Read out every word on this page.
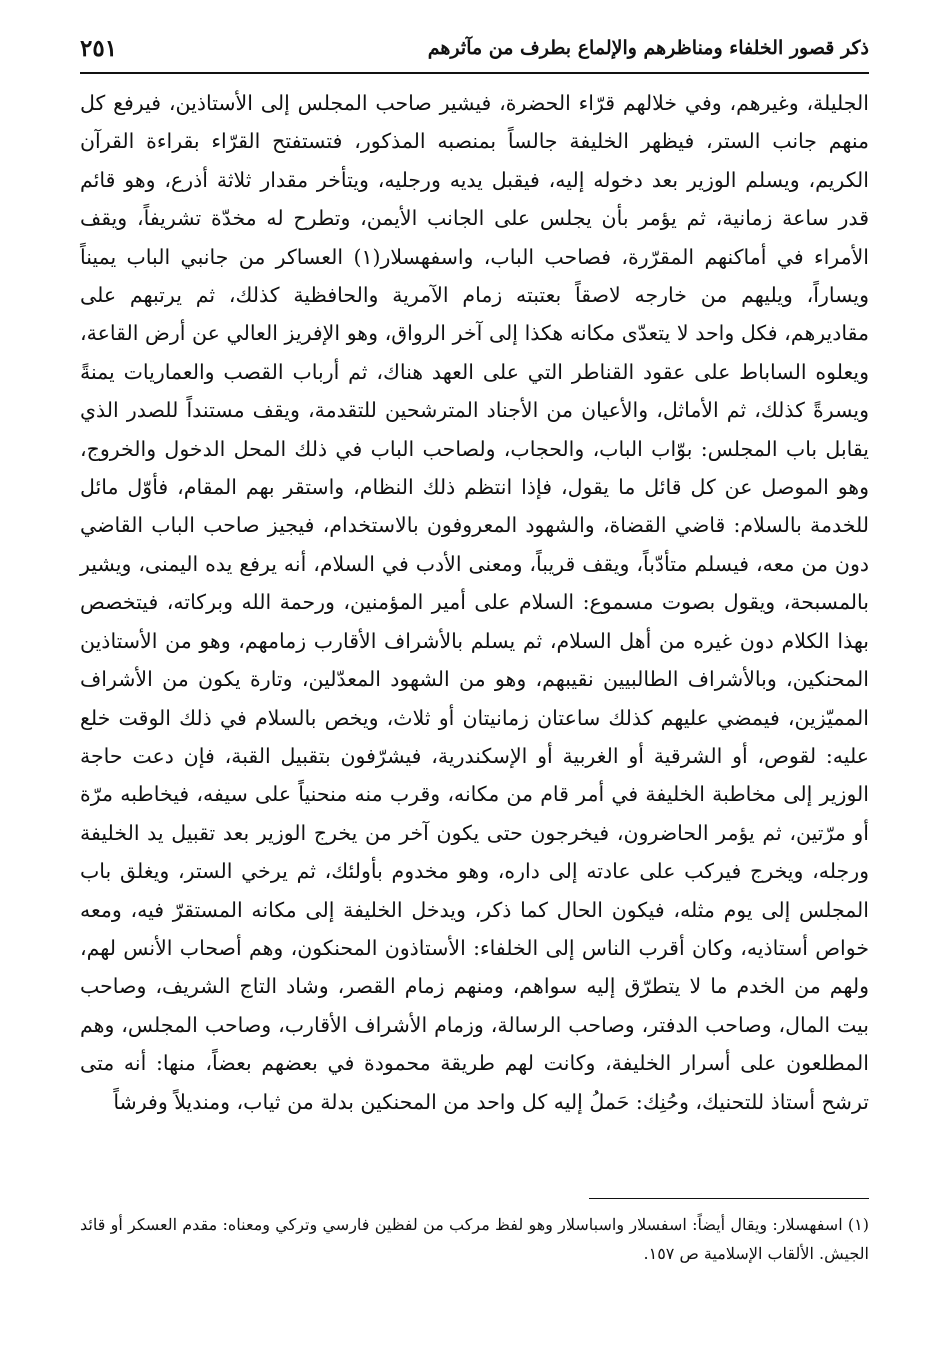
ذكر قصور الخلفاء ومناظرهم والإلماع بطرف من مآثرهم
٢٥١

الجليلة، وغيرهم، وفي خلالهم قرّاء الحضرة، فيشير صاحب المجلس إلى الأستاذين، فيرفع كل منهم جانب الستر، فيظهر الخليفة جالساً بمنصبه المذكور، فتستفتح القرّاء بقراءة القرآن الكريم، ويسلم الوزير بعد دخوله إليه، فيقبل يديه ورجليه، ويتأخر مقدار ثلاثة أذرع، وهو قائم قدر ساعة زمانية، ثم يؤمر بأن يجلس على الجانب الأيمن، وتطرح له مخدّة تشريفاً، ويقف الأمراء في أماكنهم المقرّرة، فصاحب الباب، واسفهسلار(١) العساكر من جانبي الباب يميناً ويساراً، ويليهم من خارجه لاصقاً بعتبته زمام الآمرية والحافظية كذلك، ثم يرتبهم على مقاديرهم، فكل واحد لا يتعدّى مكانه هكذا إلى آخر الرواق، وهو الإفريز العالي عن أرض القاعة، ويعلوه الساباط على عقود القناطر التي على العهد هناك، ثم أرباب القصب والعماريات يمنةً ويسرةً كذلك، ثم الأماثل، والأعيان من الأجناد المترشحين للتقدمة، ويقف مستنداً للصدر الذي يقابل باب المجلس: بوّاب الباب، والحجاب، ولصاحب الباب في ذلك المحل الدخول والخروج، وهو الموصل عن كل قائل ما يقول، فإذا انتظم ذلك النظام، واستقر بهم المقام، فأوّل مائل للخدمة بالسلام: قاضي القضاة، والشهود المعروفون بالاستخدام، فيجيز صاحب الباب القاضي دون من معه، فيسلم متأدّباً، ويقف قريباً، ومعنى الأدب في السلام، أنه يرفع يده اليمنى، ويشير بالمسبحة، ويقول بصوت مسموع: السلام على أمير المؤمنين، ورحمة الله وبركاته، فيتخصص بهذا الكلام دون غيره من أهل السلام، ثم يسلم بالأشراف الأقارب زمامهم، وهو من الأستاذين المحنكين، وبالأشراف الطالبيين نقيبهم، وهو من الشهود المعدّلين، وتارة يكون من الأشراف المميّزين، فيمضي عليهم كذلك ساعتان زمانيتان أو ثلاث، ويخص بالسلام في ذلك الوقت خلع عليه: لقوص، أو الشرقية أو الغربية أو الإسكندرية، فيشرّفون بتقبيل القبة، فإن دعت حاجة الوزير إلى مخاطبة الخليفة في أمر قام من مكانه، وقرب منه منحنياً على سيفه، فيخاطبه مرّة أو مرّتين، ثم يؤمر الحاضرون، فيخرجون حتى يكون آخر من يخرج الوزير بعد تقبيل يد الخليفة ورجله، ويخرج فيركب على عادته إلى داره، وهو مخدوم بأولئك، ثم يرخي الستر، ويغلق باب المجلس إلى يوم مثله، فيكون الحال كما ذكر، ويدخل الخليفة إلى مكانه المستقرّ فيه، ومعه خواص أستاذيه، وكان أقرب الناس إلى الخلفاء: الأستاذون المحنكون، وهم أصحاب الأنس لهم، ولهم من الخدم ما لا يتطرّق إليه سواهم، ومنهم زمام القصر، وشاد التاج الشريف، وصاحب بيت المال، وصاحب الدفتر، وصاحب الرسالة، وزمام الأشراف الأقارب، وصاحب المجلس، وهم المطلعون على أسرار الخليفة، وكانت لهم طريقة محمودة في بعضهم بعضاً، منها: أنه متى ترشح أستاذ للتحنيك، وحُنِك: حَملُ إليه كل واحد من المحنكين بدلة من ثياب، ومنديلاً وفرشاً

(١) اسفهسلار: ويقال أيضاً: اسفسلار واسباسلار وهو لفظ مركب من لفظين فارسي وتركي ومعناه: مقدم العسكر أو قائد الجيش. الألقاب الإسلامية ص ١٥٧.
